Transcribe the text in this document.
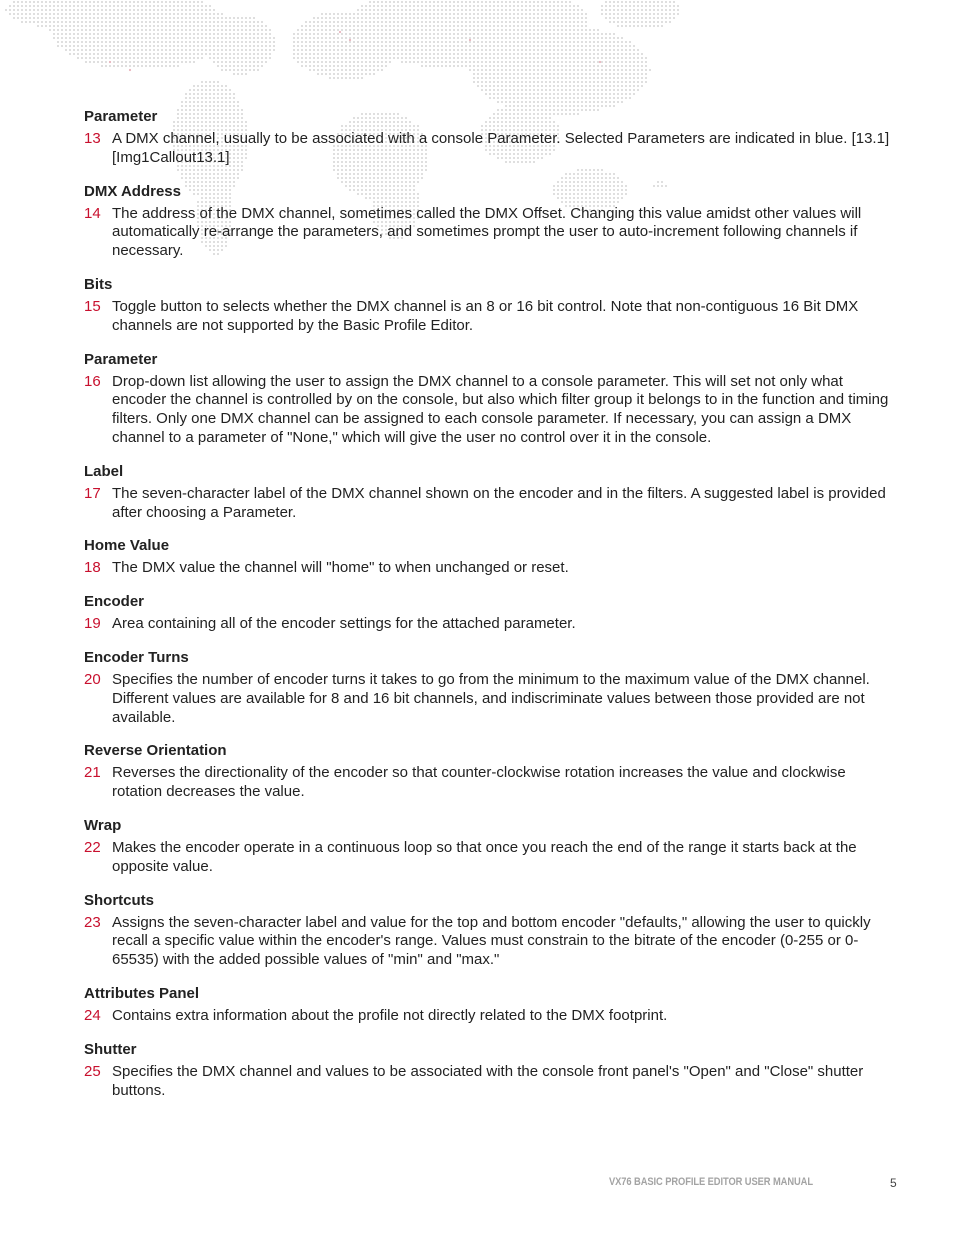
Parameter
13 A DMX channel, usually to be associated with a console Parameter. Selected Parameters are indicated in blue. [13.1] [Img1Callout13.1]
DMX Address
14 The address of the DMX channel, sometimes called the DMX Offset. Changing this value amidst other values will automatically re-arrange the parameters, and sometimes prompt the user to auto-increment following channels if necessary.
Bits
15 Toggle button to selects whether the DMX channel is an 8 or 16 bit control. Note that non-contiguous 16 Bit DMX channels are not supported by the Basic Profile Editor.
Parameter
16 Drop-down list allowing the user to assign the DMX channel to a console parameter. This will set not only what encoder the channel is controlled by on the console, but also which filter group it belongs to in the function and timing filters. Only one DMX channel can be assigned to each console parameter. If necessary, you can assign a DMX channel to a parameter of "None," which will give the user no control over it in the console.
Label
17 The seven-character label of the DMX channel shown on the encoder and in the filters. A suggested label is provided after choosing a Parameter.
Home Value
18 The DMX value the channel will "home" to when unchanged or reset.
Encoder
19 Area containing all of the encoder settings for the attached parameter.
Encoder Turns
20 Specifies the number of encoder turns it takes to go from the minimum to the maximum value of the DMX channel. Different values are available for 8 and 16 bit channels, and indiscriminate values between those provided are not available.
Reverse Orientation
21 Reverses the directionality of the encoder so that counter-clockwise rotation increases the value and clockwise rotation decreases the value.
Wrap
22 Makes the encoder operate in a continuous loop so that once you reach the end of the range it starts back at the opposite value.
Shortcuts
23 Assigns the seven-character label and value for the top and bottom encoder "defaults," allowing the user to quickly recall a specific value within the encoder's range. Values must constrain to the bitrate of the encoder (0-255 or 0-65535) with the added possible values of "min" and "max."
Attributes Panel
24 Contains extra information about the profile not directly related to the DMX footprint.
Shutter
25 Specifies the DMX channel and values to be associated with the console front panel's "Open" and "Close" shutter buttons.
VX76 BASIC PROFILE EDITOR USER MANUAL	5
